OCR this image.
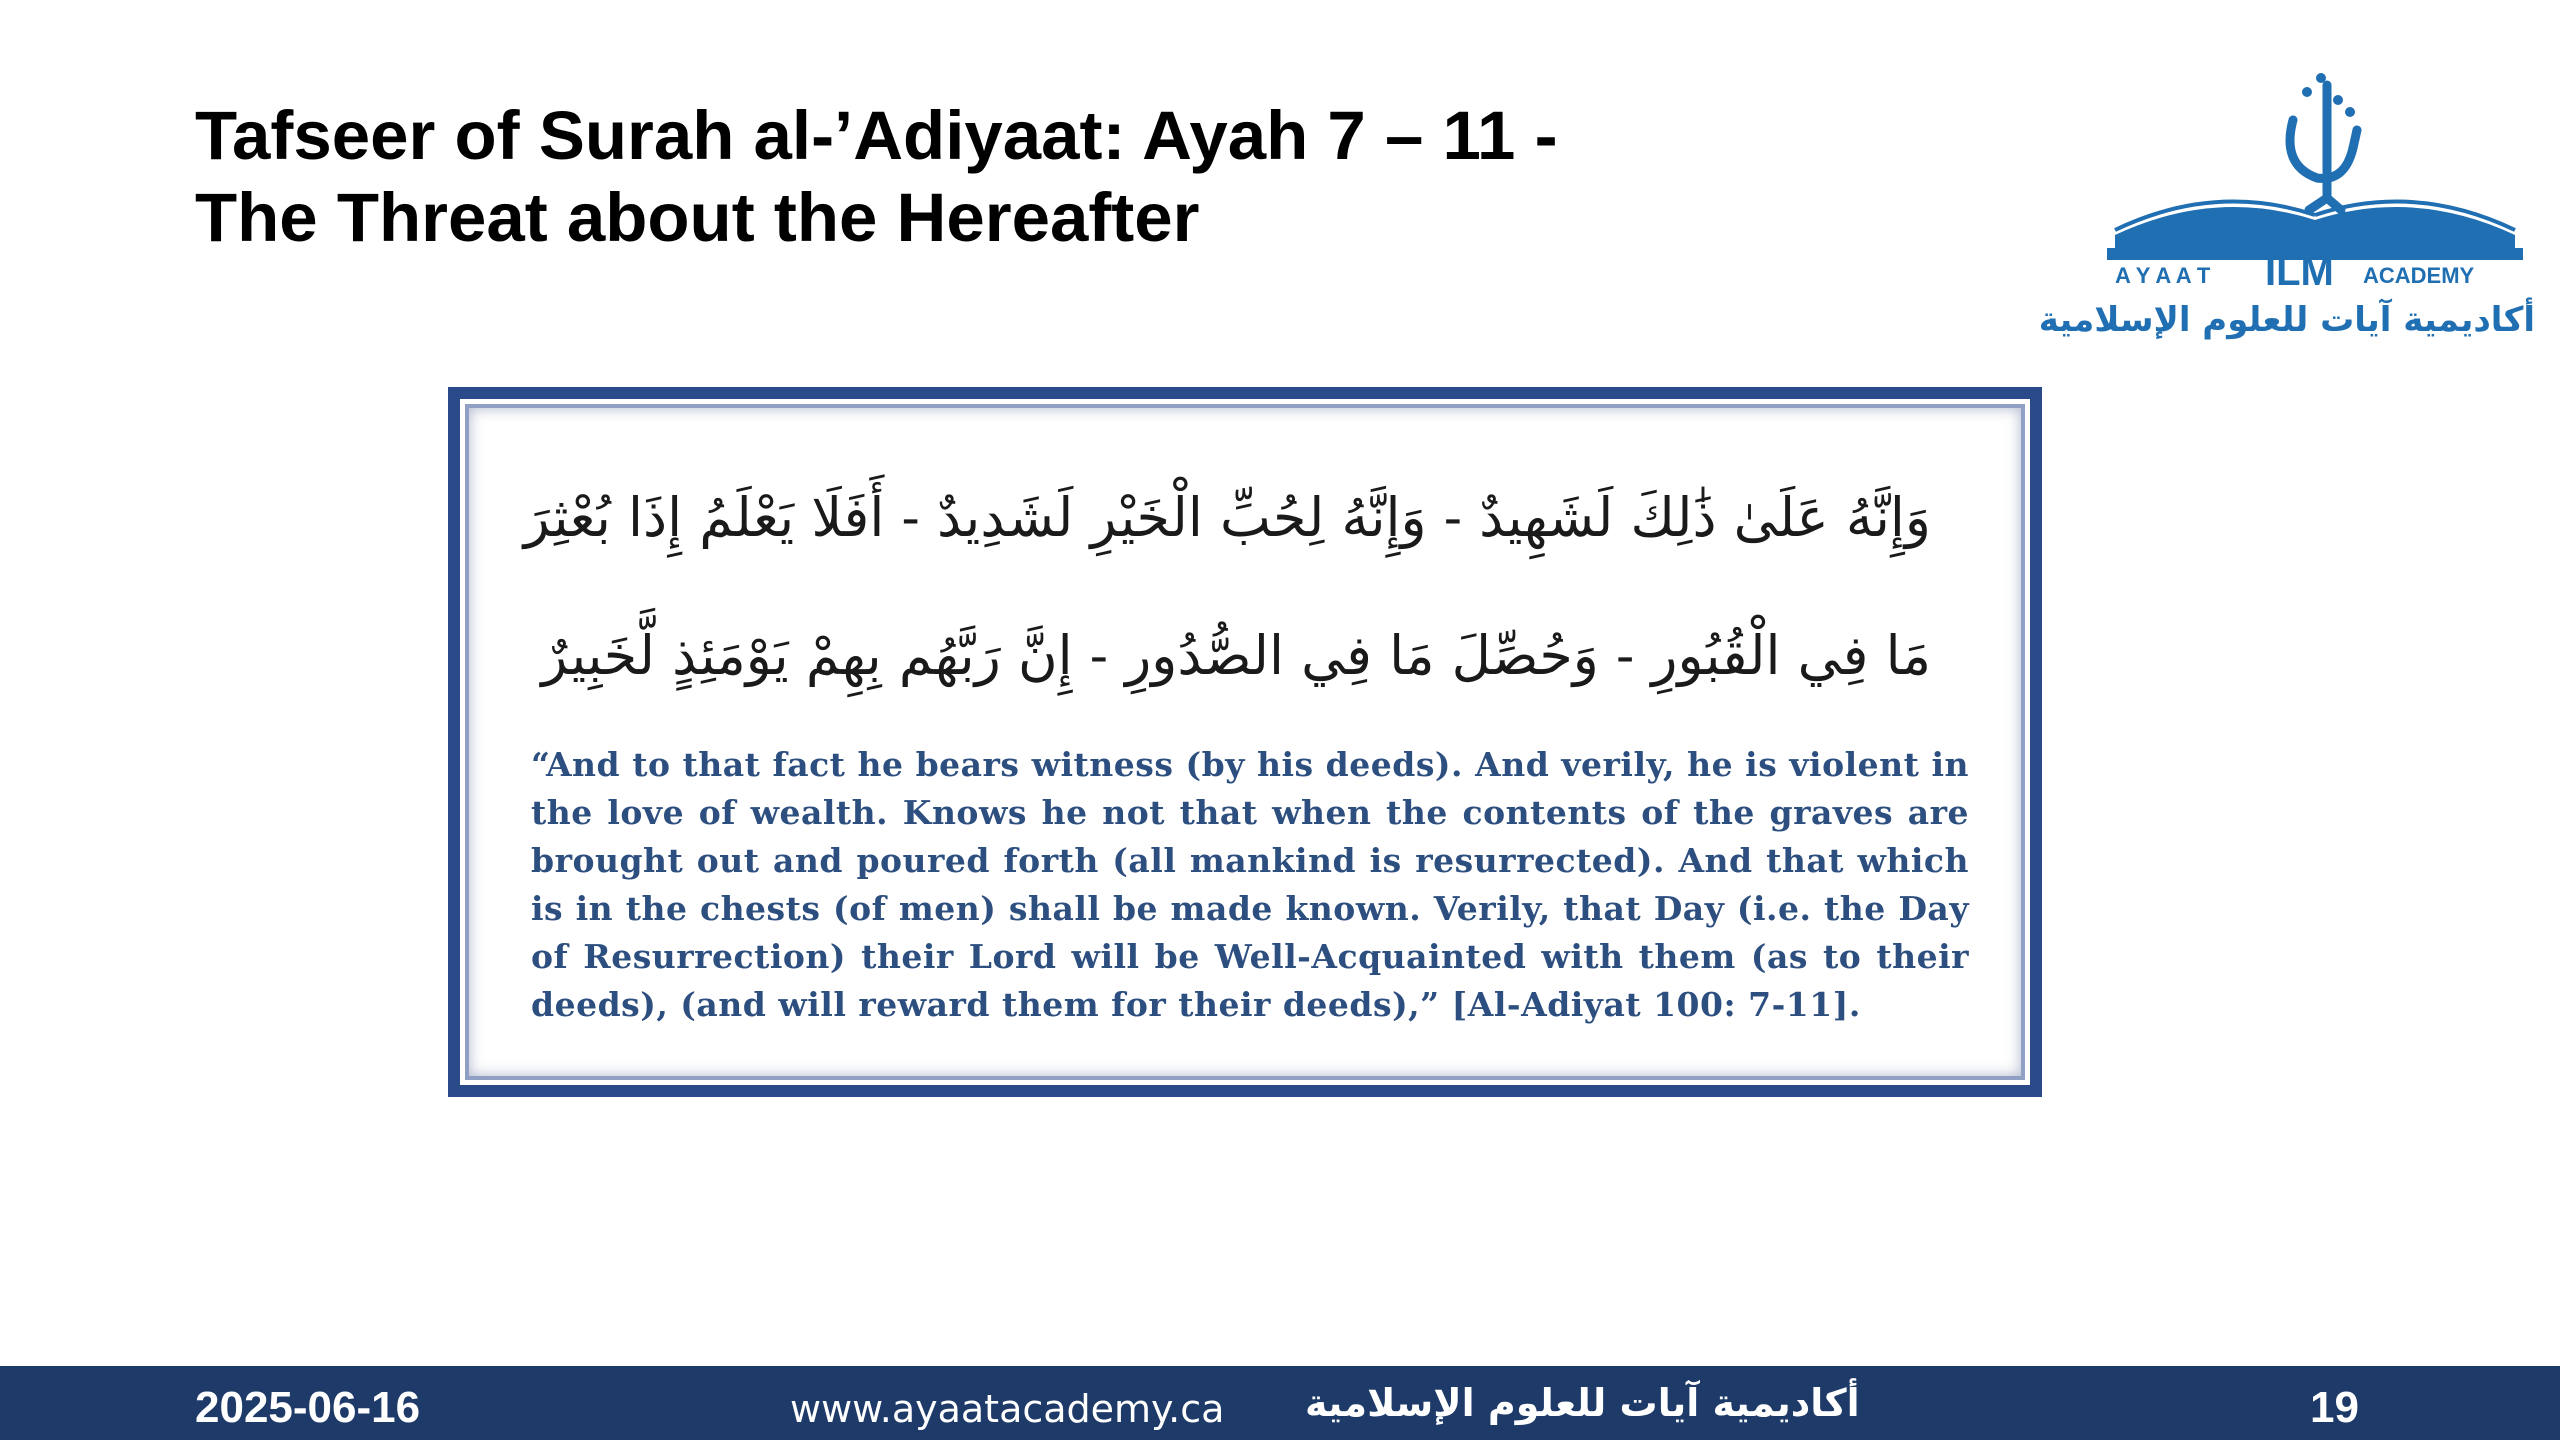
Tafseer of Surah al-’Adiyaat: Ayah 7 – 11 -
The Threat about the Hereafter
A Y A A T ILM ACADEMY
أكاديمية آيات للعلوم الإسلامية
وَإِنَّهُ عَلَىٰ ذَٰلِكَ لَشَهِيدٌ - وَإِنَّهُ لِحُبِّ الْخَيْرِ لَشَدِيدٌ - أَفَلَا يَعْلَمُ إِذَا بُعْثِرَ
مَا فِي الْقُبُورِ - وَحُصِّلَ مَا فِي الصُّدُورِ - إِنَّ رَبَّهُم بِهِمْ يَوْمَئِذٍ لَّخَبِيرٌ
“And to that fact he bears witness (by his deeds). And verily, he is violent in the love of wealth. Knows he not that when the contents of the graves are brought out and poured forth (all mankind is resurrected). And that which is in the chests (of men) shall be made known. Verily, that Day (i.e. the Day of Resurrection) their Lord will be Well-Acquainted with them (as to their deeds), (and will reward them for their deeds),” [Al-Adiyat 100: 7-11].
2025-06-16	www.ayaatacademy.ca أكاديمية آيات للعلوم الإسلامية	19
